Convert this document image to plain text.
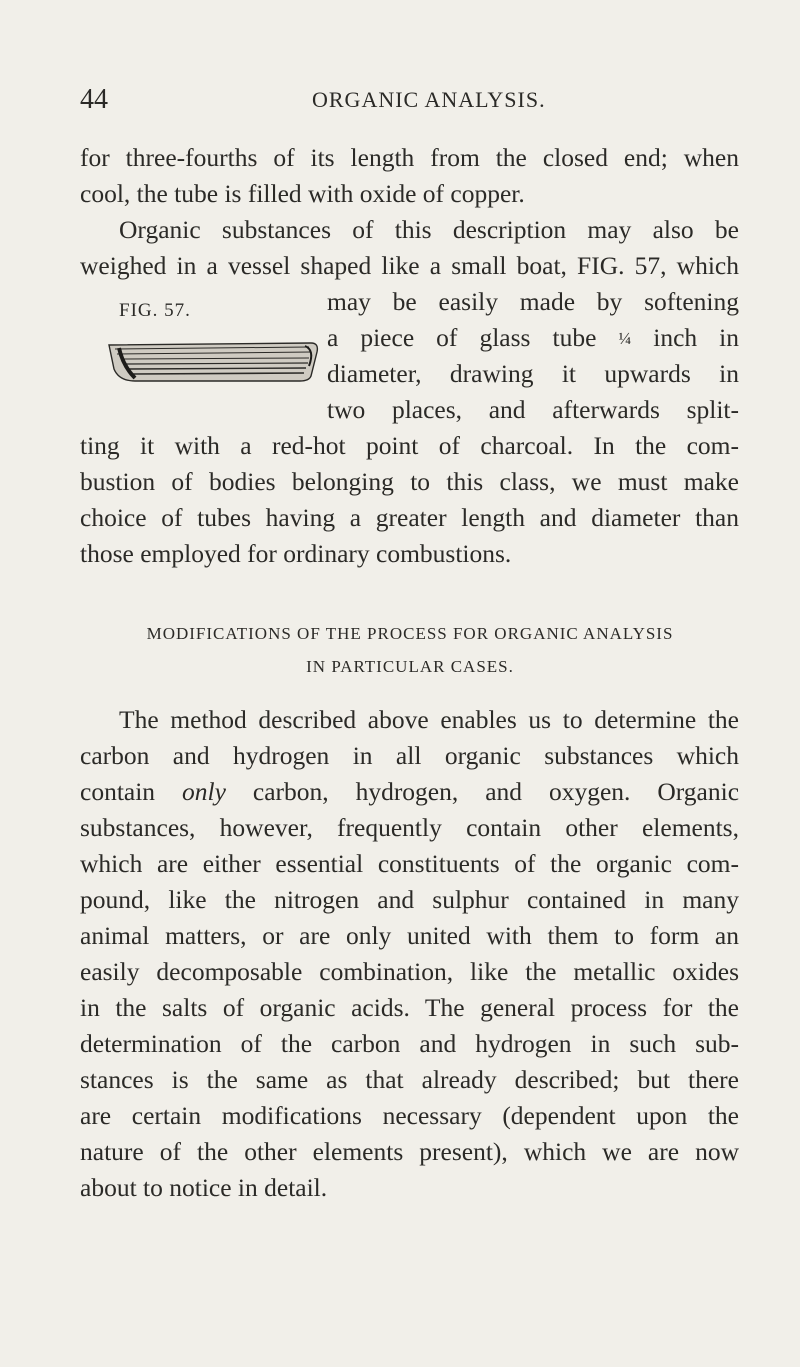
44	ORGANIC ANALYSIS.
for three-fourths of its length from the closed end; when
cool, the tube is filled with oxide of copper.
Organic substances of this description may also be
weighed in a vessel shaped like a small boat, FIG. 57, which
FIG. 57.	may be easily made by softening
a piece of glass tube ¼ inch in
diameter, drawing it upwards in
two places, and afterwards split-
ting it with a red-hot point of charcoal. In the com-
bustion of bodies belonging to this class, we must make
choice of tubes having a greater length and diameter than
those employed for ordinary combustions.
MODIFICATIONS OF THE PROCESS FOR ORGANIC ANALYSIS
IN PARTICULAR CASES.
The method described above enables us to determine the
carbon and hydrogen in all organic substances which
contain only carbon, hydrogen, and oxygen. Organic
substances, however, frequently contain other elements,
which are either essential constituents of the organic com-
pound, like the nitrogen and sulphur contained in many
animal matters, or are only united with them to form an
easily decomposable combination, like the metallic oxides
in the salts of organic acids. The general process for the
determination of the carbon and hydrogen in such sub-
stances is the same as that already described; but there
are certain modifications necessary (dependent upon the
nature of the other elements present), which we are now
about to notice in detail.
